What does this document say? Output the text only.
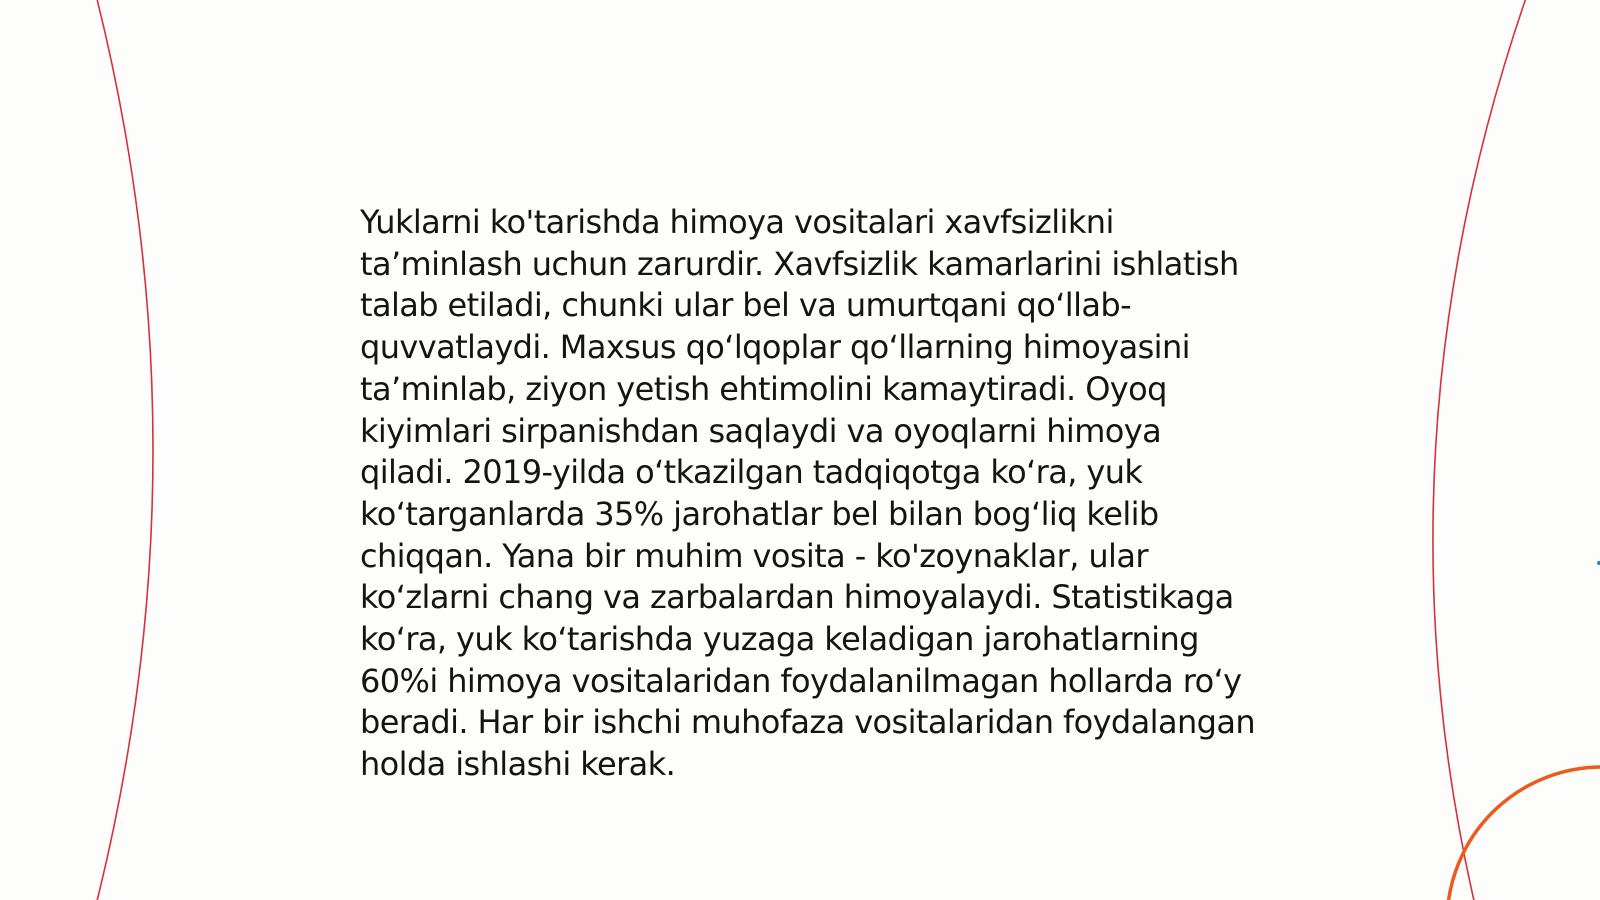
Yuklarni ko'tarishda himoya vositalari xavfsizlikni ta’minlash uchun zarurdir. Xavfsizlik kamarlarini ishlatish talab etiladi, chunki ular bel va umurtqani qo‘llab-quvvatlaydi. Maxsus qo‘lqoplar qo‘llarning himoyasini ta’minlab, ziyon yetish ehtimolini kamaytiradi. Oyoq kiyimlari sirpanishdan saqlaydi va oyoqlarni himoya qiladi. 2019-yilda o‘tkazilgan tadqiqotga ko‘ra, yuk ko‘targanlarda 35% jarohatlar bel bilan bog‘liq kelib chiqqan. Yana bir muhim vosita - ko'zoynaklar, ular ko‘zlarni chang va zarbalardan himoyalaydi. Statistikaga ko‘ra, yuk ko‘tarishda yuzaga keladigan jarohatlarning 60%i himoya vositalaridan foydalanilmagan hollarda ro‘y beradi. Har bir ishchi muhofaza vositalaridan foydalangan holda ishlashi kerak.
